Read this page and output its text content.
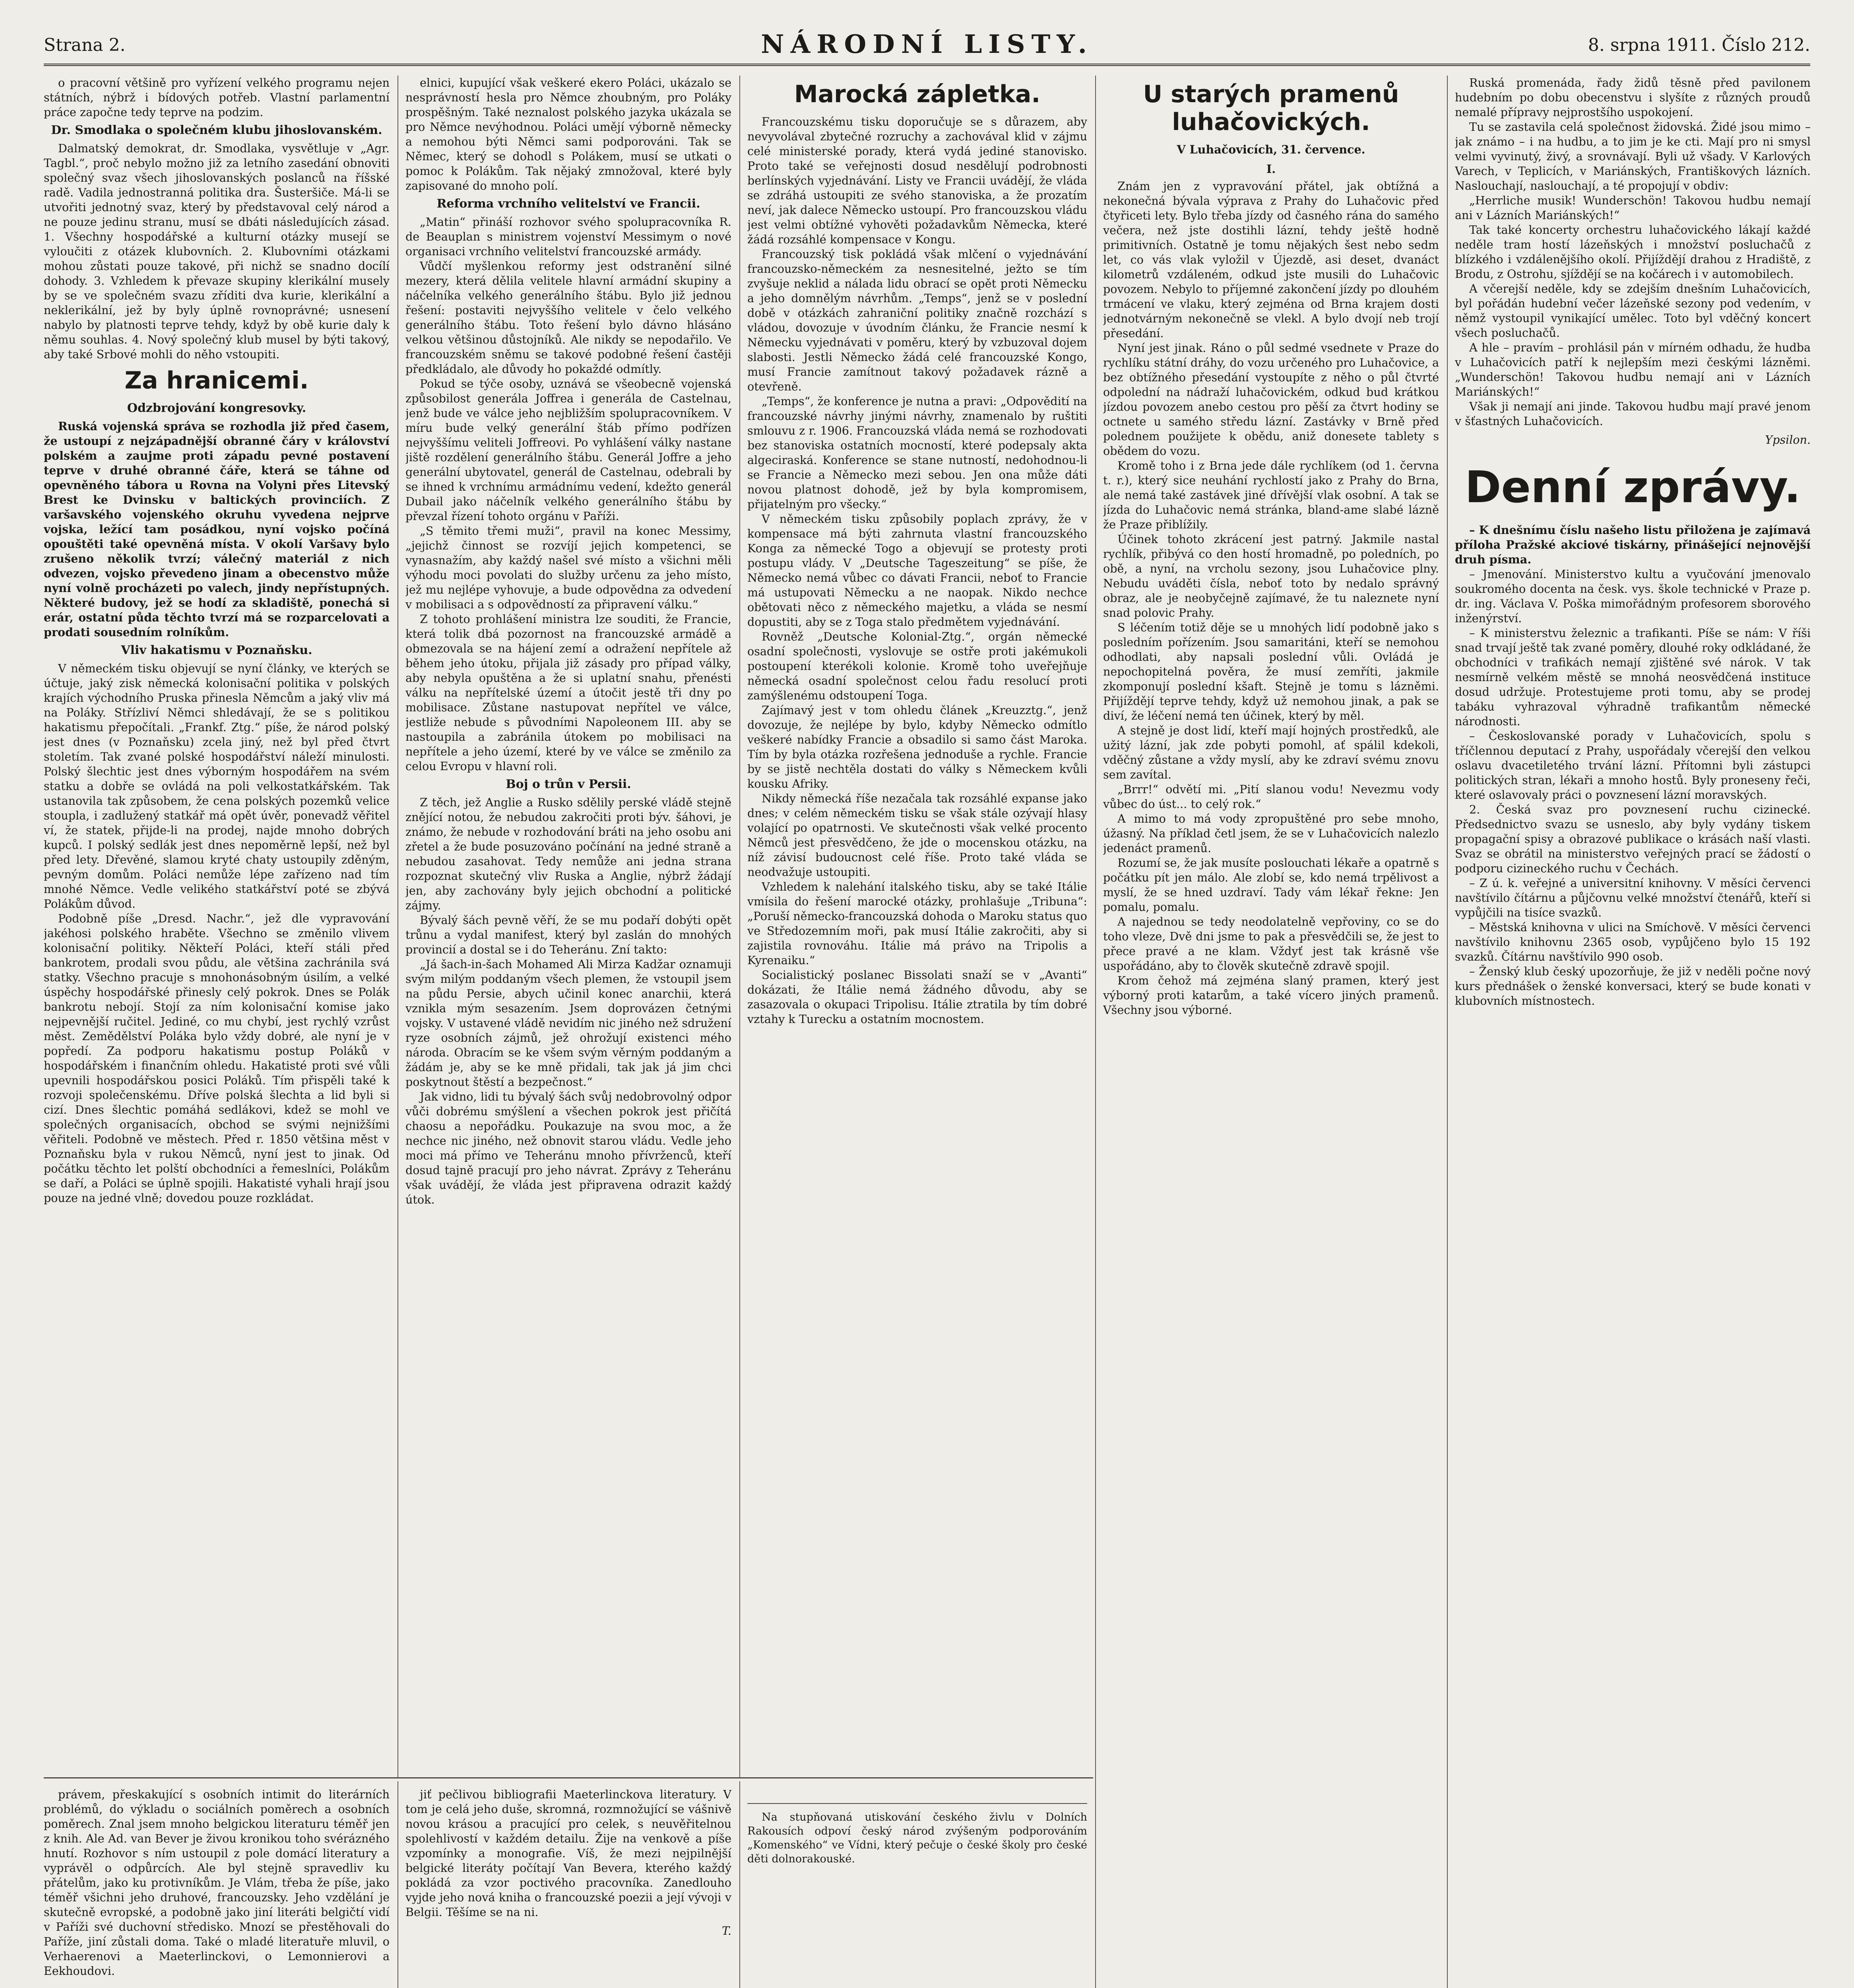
Strana 2.	NÁRODNÍ LISTY.	8. srpna 1911. Číslo 212.

o pracovní většině pro vyřízení velkého programu nejen státních, nýbrž i bídových potřeb. Vlastní parlamentní práce započne tedy teprve na podzim.

Dr. Smodlaka o společném klubu jihoslovanském.

Dalmatský demokrat, dr. Smodlaka, vysvětluje v „Agr. Tagbl.“, proč nebylo možno již za letního zasedání obnoviti společný svaz všech jihoslovanských poslanců na říšské radě. Vadila jednostranná politika dra. Šusteršiče. Má-li se utvořiti jednotný svaz, který by představoval celý národ a ne pouze jedinu stranu, musí se dbáti následujících zásad. 1. Všechny hospodářské a kulturní otázky musejí se vyloučiti z otázek klubovních. 2. Klubovními otázkami mohou zůstati pouze takové, při nichž se snadno docílí dohody. 3. Vzhledem k převaze skupiny klerikální musely by se ve společném svazu zříditi dva kurie, klerikální a neklerikální, jež by byly úplně rovnoprávné; usnesení nabylo by platnosti teprve tehdy, když by obě kurie daly k němu souhlas. 4. Nový společný klub musel by býti takový, aby také Srbové mohli do něho vstoupiti.

Za hranicemi.
Odzbrojování kongresovky.

Ruská vojenská správa se rozhodla již před časem, že ustoupí z nejzápadnější obranné čáry v království polském a zaujme proti západu pevné postavení teprve v druhé obranné čáře, která se táhne od opevněného tábora u Rovna na Volyni přes Litevský Brest ke Dvinsku v baltických provinciích. Z varšavského vojenského okruhu vyvedena nejprve vojska, ležící tam posádkou, nyní vojsko počíná opouštěti také opevněná místa. V okolí Varšavy bylo zrušeno několik tvrzí; válečný materiál z nich odvezen, vojsko převedeno jinam a obecenstvo může nyní volně procházeti po valech, jindy nepřístupných. Některé budovy, jež se hodí za skladiště, ponechá si erár, ostatní půda těchto tvrzí má se rozparcelovati a prodati sousedním rolníkům.

Vliv hakatismu v Poznaňsku.

V německém tisku objevují se nyní články, ve kterých se účtuje, jaký zisk německá kolonisační politika v polských krajích východního Pruska přinesla Němcům a jaký vliv má na Poláky. Střízliví Němci shledávají, že se s politikou hakatismu přepočítali. „Frankf. Ztg.“ píše, že národ polský jest dnes (v Poznaňsku) zcela jiný, než byl před čtvrt stoletím. Tak zvané polské hospodářství náleží minulosti. Polský šlechtic jest dnes výborným hospodářem na svém statku a dobře se ovládá na poli velkostatkářském. Tak ustanovila tak způsobem, že cena polských pozemků velice stoupla, i zadlužený statkář má opět úvěr, ponevadž věřitel ví, že statek, přijde-li na prodej, najde mnoho dobrých kupců. I polský sedlák jest dnes nepoměrně lepší, než byl před lety. Dřevěné, slamou kryté chaty ustoupily zděným, pevným domům. Poláci nemůže lépe zařízeno nad tím mnohé Němce. Vedle velikého statkářství poté se zbývá Polákům důvod.

Podobně píše „Dresd. Nachr.“, jež dle vypravování jakéhosi polského hraběte. Všechno se změnilo vlivem kolonisační politiky. Někteří Poláci, kteří stáli před bankrotem, prodali svou půdu, ale většina zachránila svá statky. Všechno pracuje s mnohonásobným úsilím, a velké úspěchy hospodářské přinesly celý pokrok. Dnes se Polák bankrotu nebojí. Stojí za ním kolonisační komise jako nejpevnější ručitel. Jediné, co mu chybí, jest rychlý vzrůst měst. Zemědělství Poláka bylo vždy dobré, ale nyní je v popředí. Za podporu hakatismu postup Poláků v hospodářském i finančním ohledu. Hakatisté proti své vůli upevnili hospodářskou posici Poláků. Tím přispěli také k rozvoji společenskému. Dříve polská šlechta a lid byli si cizí. Dnes šlechtic pomáhá sedlákovi, kdež se mohl ve společných organisacích, obchod se svými nejnižšími věřiteli. Podobně ve městech. Před r. 1850 většina měst v Poznaňsku byla v rukou Němců, nyní jest to jinak. Od počátku těchto let polští obchodníci a řemeslníci, Polákům se daří, a Poláci se úplně spojili. Hakatisté vyhali hrají jsou pouze na jedné vlně; dovedou pouze rozkládat.

elnici, kupující však veškeré ekero Poláci, ukázalo se nesprávností hesla pro Němce zhoubným, pro Poláky prospěšným. Také neznalost polského jazyka ukázala se pro Němce nevýhodnou. Poláci umějí výborně německy a nemohou býti Němci sami podporováni. Tak se Němec, který se dohodl s Polákem, musí se utkati o pomoc k Polákům. Tak nějaký zmnožoval, které byly zapisované do mnoho polí.

Reforma vrchního velitelství ve Francii.

„Matin“ přináší rozhovor svého spolupracovníka R. de Beauplan s ministrem vojenství Messimym o nové organisaci vrchního velitelství francouzské armády.

Vůdčí myšlenkou reformy jest odstranění silné mezery, která dělila velitele hlavní armádní skupiny a náčelníka velkého generálního štábu. Bylo již jednou řešení: postaviti nejvyššího velitele v čelo velkého generálního štábu. Toto řešení bylo dávno hlásáno velkou většinou důstojníků. Ale nikdy se nepodařilo. Ve francouzském sněmu se takové podobné řešení častěji předkládalo, ale důvody ho pokaždé odmítly.

Pokud se týče osoby, uznává se všeobecně vojenská způsobilost generála Joffrea i generála de Castelnau, jenž bude ve válce jeho nejbližším spolupracovníkem. V míru bude velký generální štáb přímo podřízen nejvyššímu veliteli Joffreovi. Po vyhlášení války nastane jiště rozdělení generálního štábu. Generál Joffre a jeho generální ubytovatel, generál de Castelnau, odebrali by se ihned k vrchnímu armádnímu vedení, kdežto generál Dubail jako náčelník velkého generálního štábu by převzal řízení tohoto orgánu v Paříži.

„S těmito třemi muži“, pravil na konec Messimy, „jejichž činnost se rozvíjí jejich kompetenci, se vynasnažím, aby každý našel své místo a všichni měli výhodu moci povolati do služby určenu za jeho místo, jež mu nejlépe vyhovuje, a bude odpovědna za odvedení v mobilisaci a s odpovědností za připravení válku.“

Z tohoto prohlášení ministra lze souditi, že Francie, která tolik dbá pozornost na francouzské armádě a obmezovala se na hájení zemí a odražení nepřítele až během jeho útoku, přijala již zásady pro případ války, aby nebyla opuštěna a že si uplatní snahu, přenésti válku na nepřítelské území a útočit jestě tři dny po mobilisace. Zůstane nastupovat nepřítel ve válce, jestliže nebude s původními Napoleonem III. aby se nastoupila a zabránila útokem po mobilisaci na nepřítele a jeho území, které by ve válce se změnilo za celou Evropu v hlavní roli.

Boj o trůn v Persii.

Z těch, jež Anglie a Rusko sdělily perské vládě stejně znějící notou, že nebudou zakročiti proti býv. šáhovi, je známo, že nebude v rozhodování bráti na jeho osobu ani zřetel a že bude posuzováno počínání na jedné straně a nebudou zasahovat. Tedy nemůže ani jedna strana rozpoznat skutečný vliv Ruska a Anglie, nýbrž žádají jen, aby zachovány byly jejich obchodní a politické zájmy.

Bývalý šách pevně věří, že se mu podaří dobýti opět trůnu a vydal manifest, který byl zaslán do mnohých provincií a dostal se i do Teheránu. Zní takto:

„Já šach-in-šach Mohamed Ali Mirza Kadžar oznamuji svým milým poddaným všech plemen, že vstoupil jsem na půdu Persie, abych učinil konec anarchii, která vznikla mým sesazením. Jsem doprovázen četnými vojsky. V ustavené vládě nevidím nic jiného než sdružení ryze osobních zájmů, jež ohrožují existenci mého národa. Obracím se ke všem svým věrným poddaným a žádám je, aby se ke mně přidali, tak jak já jim chci poskytnout štěstí a bezpečnost.“

Jak vidno, lidi tu bývalý šách svůj nedobrovolný odpor vůči dobrému smýšlení a všechen pokrok jest přičítá chaosu a nepořádku. Poukazuje na svou moc, a že nechce nic jiného, než obnovit starou vládu. Vedle jeho moci má přímo ve Teheránu mnoho přívrženců, kteří dosud tajně pracují pro jeho návrat. Zprávy z Teheránu však uvádějí, že vláda jest připravena odrazit každý útok.

Marocká zápletka.

Francouzskému tisku doporučuje se s důrazem, aby nevyvolával zbytečné rozruchy a zachovával klid v zájmu celé ministerské porady, která vydá jediné stanovisko. Proto také se veřejnosti dosud nesdělují podrobnosti berlínských vyjednávání. Listy ve Francii uvádějí, že vláda se zdráhá ustoupiti ze svého stanoviska, a že prozatím neví, jak dalece Německo ustoupí. Pro francouzskou vládu jest velmi obtížné vyhověti požadavkům Německa, které žádá rozsáhlé kompensace v Kongu.

Francouzský tisk pokládá však mlčení o vyjednávání francouzsko-německém za nesnesitelné, ježto se tím zvyšuje neklid a nálada lidu obrací se opět proti Německu a jeho domnělým návrhům. „Temps“, jenž se v poslední době v otázkách zahraniční politiky značně rozchází s vládou, dovozuje v úvodním článku, že Francie nesmí k Německu vyjednávati v poměru, který by vzbuzoval dojem slabosti. Jestli Německo žádá celé francouzské Kongo, musí Francie zamítnout takový požadavek rázně a otevřeně.

„Temps“, že konference je nutna a pravi: „Odpovědití na francouzské návrhy jinými návrhy, znamenalo by ruštiti smlouvu z r. 1906. Francouzská vláda nemá se rozhodovati bez stanoviska ostatních mocností, které podepsaly akta algeciraská. Konference se stane nutností, nedohodnou-li se Francie a Německo mezi sebou. Jen ona může dáti novou platnost dohodě, jež by byla kompromisem, přijatelným pro všecky.“

V německém tisku způsobily poplach zprávy, že v kompensace má býti zahrnuta vlastní francouzského Konga za německé Togo a objevují se protesty proti postupu vlády. V „Deutsche Tageszeitung“ se píše, že Německo nemá vůbec co dávati Francii, neboť to Francie má ustupovati Německu a ne naopak. Nikdo nechce obětovati něco z německého majetku, a vláda se nesmí dopustiti, aby se z Toga stalo předmětem vyjednávání.

Rovněž „Deutsche Kolonial-Ztg.“, orgán německé osadní společnosti, vyslovuje se ostře proti jakémukoli postoupení kterékoli kolonie. Kromě toho uveřejňuje německá osadní společnost celou řadu resolucí proti zamýšlenému odstoupení Toga.

Zajímavý jest v tom ohledu článek „Kreuzztg.“, jenž dovozuje, že nejlépe by bylo, kdyby Německo odmítlo veškeré nabídky Francie a obsadilo si samo část Maroka. Tím by byla otázka rozřešena jednoduše a rychle. Francie by se jistě nechtěla dostati do války s Německem kvůli kousku Afriky.

Nikdy německá říše nezačala tak rozsáhlé expanse jako dnes; v celém německém tisku se však stále ozývají hlasy volající po opatrnosti. Ve skutečnosti však velké procento Němců jest přesvědčeno, že jde o mocenskou otázku, na níž závisí budoucnost celé říše. Proto také vláda se neodvažuje ustoupiti.

Vzhledem k nalehání italského tisku, aby se také Itálie vmísila do řešení marocké otázky, prohlašuje „Tribuna“: „Poruší německo-francouzská dohoda o Maroku status quo ve Středozemním moři, pak musí Itálie zakročiti, aby si zajistila rovnováhu. Itálie má právo na Tripolis a Kyrenaiku.“

Socialistický poslanec Bissolati snaží se v „Avanti“ dokázati, že Itálie nemá žádného důvodu, aby se zasazovala o okupaci Tripolisu. Itálie ztratila by tím dobré vztahy k Turecku a ostatním mocnostem.

U starých pramenů luhačovických.

V Luhačovicích, 31. července.

I.

Znám jen z vypravování přátel, jak obtížná a nekonečná bývala výprava z Prahy do Luhačovic před čtyřiceti lety. Bylo třeba jízdy od časného rána do samého večera, než jste dostihli lázní, tehdy ještě hodně primitivních. Ostatně je tomu nějakých šest nebo sedm let, co vás vlak vyložil v Újezdě, asi deset, dvanáct kilometrů vzdáleném, odkud jste musili do Luhačovic povozem. Nebylo to příjemné zakončení jízdy po dlouhém trmácení ve vlaku, který zejména od Brna krajem dosti jednotvárným nekonečně se vlekl. A bylo dvojí neb trojí přesedání.

Nyní jest jinak. Ráno o půl sedmé vsednete v Praze do rychlíku státní dráhy, do vozu určeného pro Luhačovice, a bez obtížného přesedání vystoupíte z něho o půl čtvrté odpolední na nádraží luhačovickém, odkud bud krátkou jízdou povozem anebo cestou pro pěší za čtvrt hodiny se octnete u samého středu lázní. Zastávky v Brně před polednem použijete k obědu, aniž donesete tablety s obědem do vozu.

Kromě toho i z Brna jede dále rychlíkem (od 1. června t. r.), který sice neuhání rychlostí jako z Prahy do Brna, ale nemá také zastávek jiné dřívější vlak osobní. A tak se jízda do Luhačovic nemá stránka, bland-ame slabé lázně že Praze přiblížily.

Účinek tohoto zkrácení jest patrný. Jakmile nastal rychlík, přibývá co den hostí hromadně, po poledních, po obě, a nyní, na vrcholu sezony, jsou Luhačovice plny. Nebudu uváděti čísla, neboť toto by nedalo správný obraz, ale je neobyčejně zajímavé, že tu naleznete nyní snad polovic Prahy.

S léčením totiž děje se u mnohých lidí podobně jako s posledním pořízením. Jsou samaritáni, kteří se nemohou odhodlati, aby napsali poslední vůli. Ovládá je nepochopitelná pověra, že musí zemříti, jakmile zkomponují poslední kšaft. Stejně je tomu s lázněmi. Přijíždějí teprve tehdy, když už nemohou jinak, a pak se diví, že léčení nemá ten účinek, který by měl.

A stejně je dost lidí, kteří mají hojných prostředků, ale užitý lázní, jak zde pobyti pomohl, ať spálil kdekoli, vděčný zůstane a vždy myslí, aby ke zdraví svému znovu sem zavítal.

„Brrr!“ odvětí mi. „Pití slanou vodu! Nevezmu vody vůbec do úst... to celý rok.“

A mimo to má vody zpropuštěné pro sebe mnoho, úžasný. Na příklad četl jsem, že se v Luhačovicích nalezlo jedenáct pramenů.

Rozumí se, že jak musíte poslouchati lékaře a opatrně s počátku pít jen málo. Ale zlobí se, kdo nemá trpělivost a myslí, že se hned uzdraví. Tady vám lékař řekne: Jen pomalu, pomalu.

A najednou se tedy neodolatelně vepřoviny, co se do toho vleze, Dvě dni jsme to pak a přesvědčili se, že jest to přece pravé a ne klam. Vždyť jest tak krásně vše uspořádáno, aby to člověk skutečně zdravě spojil.

Krom čehož má zejména slaný pramen, který jest výborný proti katarům, a také vícero jiných pramenů. Všechny jsou výborné.

Ruská promenáda, řady židů těsně před pavilonem hudebním po dobu obecenstvu i slyšíte z různých proudů nemalé přípravy nejprostšího uspokojení.

Tu se zastavila celá společnost židovská. Židé jsou mimo – jak známo – i na hudbu, a to jim je ke cti. Mají pro ni smysl velmi vyvinutý, živý, a srovnávají. Byli už všady. V Karlových Varech, v Teplicích, v Mariánských, Františkových lázních. Naslouchají, naslouchají, a té propojují v obdiv:

„Herrliche musik! Wunderschön! Takovou hudbu nemají ani v Lázních Mariánských!“

Tak také koncerty orchestru luhačovického lákají každé neděle tram hostí lázeňských i množství posluchačů z blízkého i vzdálenějšího okolí. Přijíždějí drahou z Hradiště, z Brodu, z Ostrohu, sjíždějí se na kočárech i v automobilech.

A včerejší neděle, kdy se zdejším dnešním Luhačovicích, byl pořádán hudební večer lázeňské sezony pod vedením, v němž vystoupil vynikající umělec. Toto byl vděčný koncert všech posluchačů.

A hle – pravím – prohlásil pán v mírném odhadu, že hudba v Luhačovicích patří k nejlepším mezi českými lázněmi. „Wunderschön! Takovou hudbu nemají ani v Lázních Mariánských!“

Však ji nemají ani jinde. Takovou hudbu mají pravé jenom v šťastných Luhačovicích.

Ypsilon.

Denní zprávy.

– K dnešnímu číslu našeho listu přiložena je zajímavá příloha Pražské akciové tiskárny, přinášející nejnovější druh písma.

– Jmenování. Ministerstvo kultu a vyučování jmenovalo soukromého docenta na česk. vys. škole technické v Praze p. dr. ing. Václava V. Poška mimořádným profesorem sborového inženýrství.

– K ministerstvu železnic a trafikanti. Píše se nám: V říši snad trvají ještě tak zvané poměry, dlouhé roky odkládané, že obchodníci v trafikách nemají zjištěné své nárok. V tak nesmírně velkém městě se mnohá neosvědčená instituce dosud udržuje. Protestujeme proti tomu, aby se prodej tabáku vyhrazoval výhradně trafikantům německé národnosti.

– Českoslovanské porady v Luhačovicích, spolu s tříčlennou deputací z Prahy, uspořádaly včerejší den velkou oslavu dvacetiletého trvání lázní. Přítomni byli zástupci politických stran, lékaři a mnoho hostů. Byly proneseny řeči, které oslavovaly práci o povznesení lázní moravských.

2. Česká svaz pro povznesení ruchu cizinecké. Předsednictvo svazu se usneslo, aby byly vydány tiskem propagační spisy a obrazové publikace o krásách naší vlasti. Svaz se obrátil na ministerstvo veřejných prací se žádostí o podporu cizineckého ruchu v Čechách.

– Z ú. k. veřejné a universitní knihovny. V měsíci červenci navštívilo čítárnu a půjčovnu velké množství čtenářů, kteří si vypůjčili na tisíce svazků.

– Městská knihovna v ulici na Smíchově. V měsíci červenci navštívilo knihovnu 2365 osob, vypůjčeno bylo 15 192 svazků. Čítárnu navštívilo 990 osob.

– Ženský klub český upozorňuje, že již v neděli počne nový kurs přednášek o ženské konversaci, který se bude konati v klubovních místnostech.

právem, přeskakující s osobních intimit do literárních problémů, do výkladu o sociálních poměrech a osobních poměrech. Znal jsem mnoho belgickou literaturu téměř jen z knih. Ale Ad. van Bever je živou kronikou toho svérázného hnutí. Rozhovor s ním ustoupil z pole domácí literatury a vyprávěl o odpůrcích. Ale byl stejně spravedliv ku přátelům, jako ku protivníkům. Je Vlám, třeba že píše, jako téměř všichni jeho druhové, francouzsky. Jeho vzdělání je skutečně evropské, a podobně jako jiní literáti belgičtí vidí v Paříži své duchovní středisko. Mnozí se přestěhovali do Paříže, jiní zůstali doma. Také o mladé literatuře mluvil, o Verhaerenovi a Maeterlinckovi, o Lemonnierovi a Eekhoudovi.

jiť pečlivou bibliografii Maeterlinckova literatury. V tom je celá jeho duše, skromná, rozmnožující se vášnivě novou krásou a pracující pro celek, s neuvěřitelnou spolehlivostí v každém detailu. Žije na venkově a píše vzpomínky a monografie. Víš, že mezi nejpilnější belgické literáty počítají Van Bevera, kterého každý pokládá za vzor poctivého pracovníka. Zanedlouho vyjde jeho nová kniha o francouzské poezii a její vývoji v Belgii. Těšíme se na ni.

T.

Na stupňovaná utiskování českého živlu v Dolních Rakousích odpoví český národ zvýšeným podporováním „Komenského“ ve Vídni, který pečuje o české školy pro české děti dolnorakouské.
